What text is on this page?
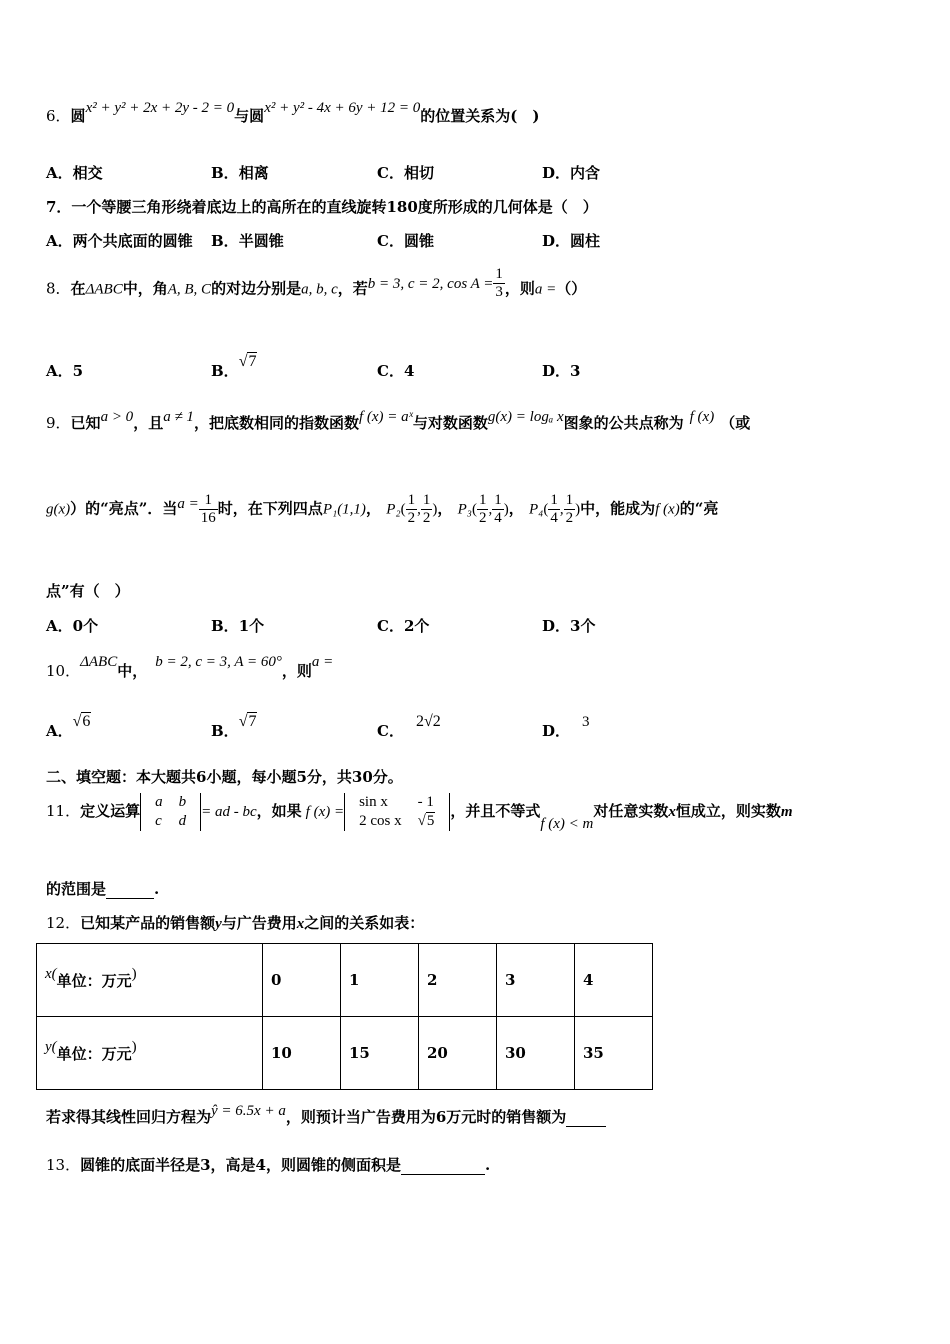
6．圆x² + y² + 2x + 2y - 2 = 0与圆x² + y² - 4x + 6y + 12 = 0的位置关系为(　)
A．相交	B．相离	C．相切	D．内含
7．一个等腰三角形绕着底边上的高所在的直线旋转180度所形成的几何体是（　）
A．两个共底面的圆锥 B．半圆锥	C．圆锥	D．圆柱
8．在ΔABC中，角A, B, C的对边分别是a, b, c，若b = 3, c = 2, $\cos A = \frac{1}{3}$ ，则a =（）
A．5	B．√7
C．4	D．3
9．已知a > 0，且a ≠ 1，把底数相同的指数函数f (x) = aˣ与对数函数g(x) = logₐ x图象的公共点称为 f (x) （或
g(x)）的“亮点”．当$a = \frac{1}{16}$ 时，在下列四点P₁(1,1)， $P_2( \frac{1}{2}$ , $\frac{1}{2}$ )， $P_3( \frac{1}{2}$ , $\frac{1}{4}$ )， $P_4( \frac{1}{4}$ , $\frac{1}{2}$ )中，能成为f (x)的“亮
点”有（　）
A．0个	B．1个	C．2个	D．3个
10．ΔABC中， b = 2, c = 3, A = 60°，则a =
A．√6
B．√7
C．2√2
D． 3
二、填空题：本大题共6小题，每小题5分，共30分。
11．定义运算 a	b
c	d
= ad - bc，如果 f (x) =
sin x	- 1
2 cos x	√5
，并且不等式f (x) < m对任意实数x恒成立，则实数m
的范围是	.
12．已知某产品的销售额y与广告费用x之间的关系如表：
x(单位：万元)	0	1	2	3	4
y(单位：万元)	10	15	20	30	35
若求得其线性回归方程为ŷ = 6.5x + a，则预计当广告费用为6万元时的销售额为
13．圆锥的底面半径是3，高是4，则圆锥的侧面积是	.
